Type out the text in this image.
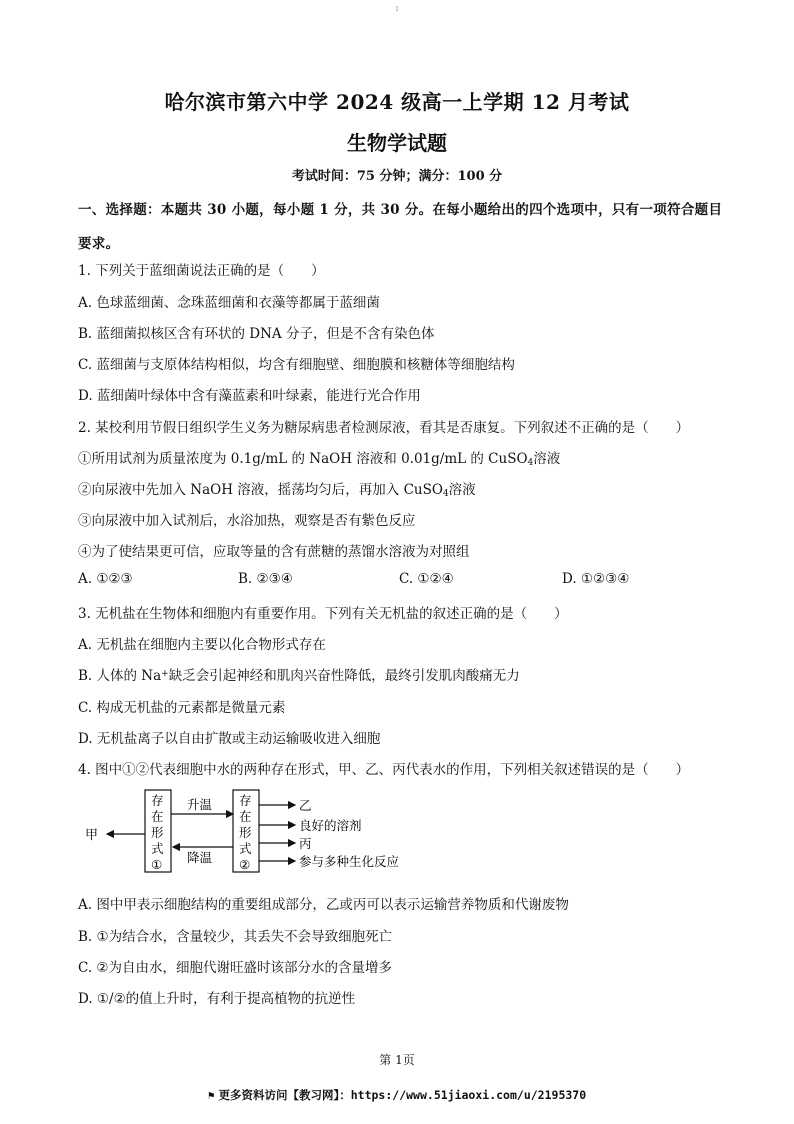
1
哈尔滨市第六中学 2024 级高一上学期 12 月考试
生物学试题
考试时间：75 分钟；满分：100 分
一、选择题：本题共 30 小题，每小题 1 分，共 30 分。在每小题给出的四个选项中，只有一项符合题目要求。
1. 下列关于蓝细菌说法正确的是（　　）
A. 色球蓝细菌、念珠蓝细菌和衣藻等都属于蓝细菌
B. 蓝细菌拟核区含有环状的 DNA 分子，但是不含有染色体
C. 蓝细菌与支原体结构相似，均含有细胞壁、细胞膜和核糖体等细胞结构
D. 蓝细菌叶绿体中含有藻蓝素和叶绿素，能进行光合作用
2. 某校利用节假日组织学生义务为糖尿病患者检测尿液，看其是否康复。下列叙述不正确的是（　　）
①所用试剂为质量浓度为 0.1g/mL 的 NaOH 溶液和 0.01g/mL 的 CuSO$_4$溶液
②向尿液中先加入 NaOH 溶液，摇荡均匀后，再加入 CuSO$_4$溶液
③向尿液中加入试剂后，水浴加热，观察是否有紫色反应
④为了使结果更可信，应取等量的含有蔗糖的蒸馏水溶液为对照组
A. ①②③	B. ②③④	C. ①②④	D. ①②③④
3. 无机盐在生物体和细胞内有重要作用。下列有关无机盐的叙述正确的是（　　）
A. 无机盐在细胞内主要以化合物形式存在
B. 人体的 Na+缺乏会引起神经和肌肉兴奋性降低，最终引发肌肉酸痛无力
C. 构成无机盐的元素都是微量元素
D. 无机盐离子以自由扩散或主动运输吸收进入细胞
4. 图中①②代表细胞中水的两种存在形式，甲、乙、丙代表水的作用，下列相关叙述错误的是（　　）
甲
存
在
形
式
①
升温
降温
存
在
形
式
②
乙
良好的溶剂
丙
参与多种生化反应
A. 图中甲表示细胞结构的重要组成部分，乙或丙可以表示运输营养物质和代谢废物
B. ①为结合水，含量较少，其丢失不会导致细胞死亡
C. ②为自由水，细胞代谢旺盛时该部分水的含量增多
D. ①/②的值上升时，有利于提高植物的抗逆性
第 1页
⚑ 更多资料访问【教习网】：https://www.51jiaoxi.com/u/2195370
